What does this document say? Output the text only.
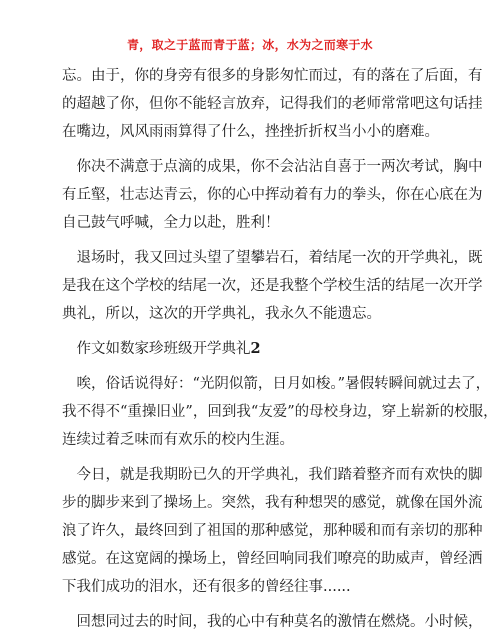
青，取之于蓝而青于蓝；冰，水为之而寒于水
忘。由于，你的身旁有很多的身影匆忙而过，有的落在了后面，有
的超越了你，但你不能轻言放弃，记得我们的老师常常吧这句话挂
在嘴边，风风雨雨算得了什么，挫挫折折权当小小的磨难。
　你决不满意于点滴的成果，你不会沾沾自喜于一两次考试，胸中
有丘壑，壮志达青云，你的心中挥动着有力的拳头，你在心底在为
自己鼓气呼喊，全力以赴，胜利！
　退场时，我又回过头望了望攀岩石，着结尾一次的开学典礼，既
是我在这个学校的结尾一次，还是我整个学校生活的结尾一次开学
典礼，所以，这次的开学典礼，我永久不能遗忘。
　作文如数家珍班级开学典礼2
　唉，俗话说得好：“光阴似箭，日月如梭。”暑假转瞬间就过去了，
我不得不“重操旧业”，回到我“友爱”的母校身边，穿上崭新的校服，
连续过着乏味而有欢乐的校内生涯。
　今日，就是我期盼已久的开学典礼，我们踏着整齐而有欢快的脚
步的脚步来到了操场上。突然，我有种想哭的感觉，就像在国外流
浪了许久，最终回到了祖国的那种感觉，那种暖和而有亲切的那种
感觉。在这宽阔的操场上，曾经回响同我们嘹亮的助威声，曾经洒
下我们成功的泪水，还有很多的曾经往事......
　回想同过去的时间，我的心中有种莫名的激情在燃烧。小时候，
